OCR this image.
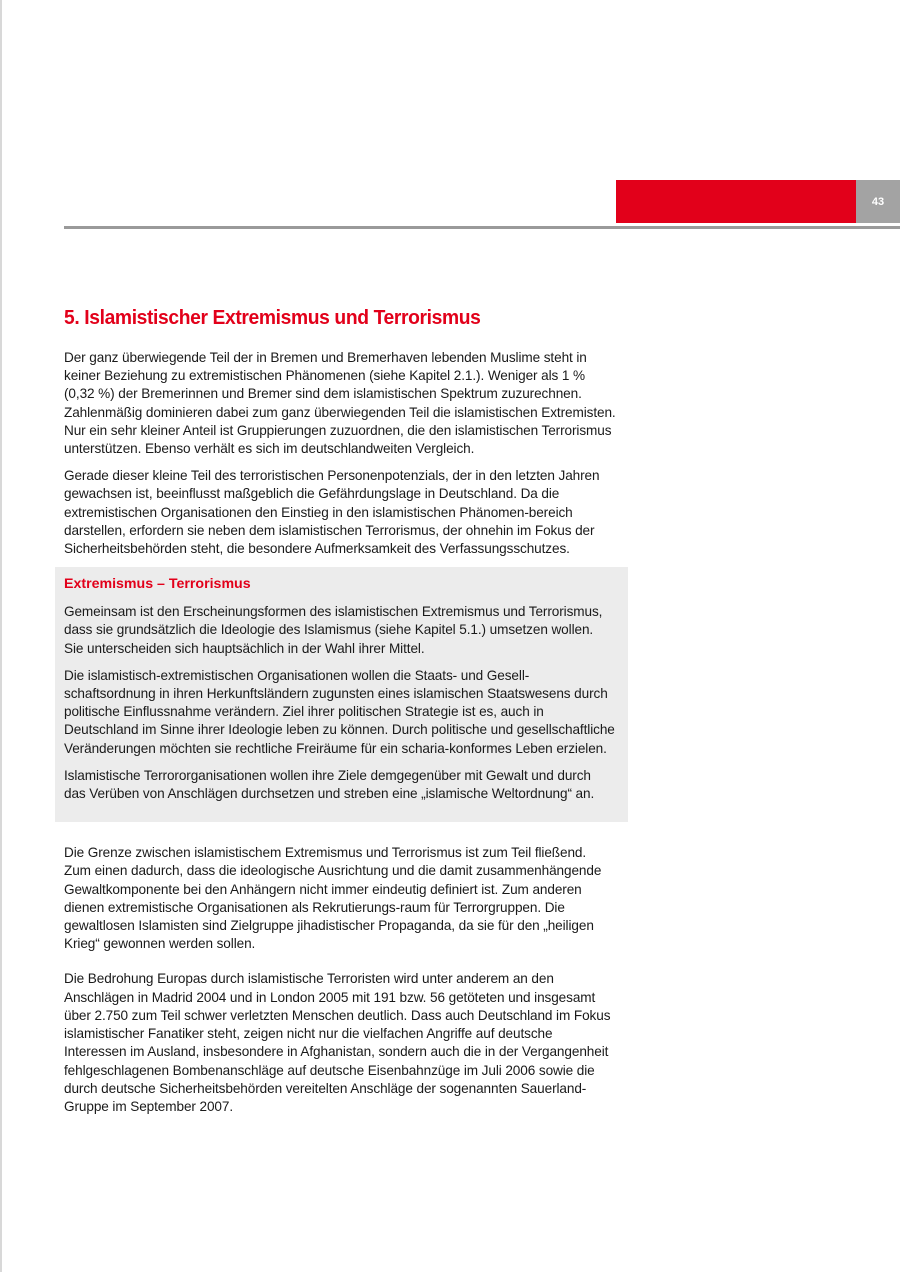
43
5. Islamistischer Extremismus und Terrorismus

Der ganz überwiegende Teil der in Bremen und Bremerhaven lebenden Muslime steht in keiner Beziehung zu extremistischen Phänomenen (siehe Kapitel 2.1.). Weniger als 1 % (0,32 %) der Bremerinnen und Bremer sind dem islamistischen Spektrum zuzurechnen. Zahlenmäßig dominieren dabei zum ganz überwiegenden Teil die islamistischen Extremisten. Nur ein sehr kleiner Anteil ist Gruppierungen zuzuordnen, die den islamistischen Terrorismus unterstützen. Ebenso verhält es sich im deutschlandweiten Vergleich.

Gerade dieser kleine Teil des terroristischen Personenpotenzials, der in den letzten Jahren gewachsen ist, beeinflusst maßgeblich die Gefährdungslage in Deutschland. Da die extremistischen Organisationen den Einstieg in den islamistischen Phänomen-bereich darstellen, erfordern sie neben dem islamistischen Terrorismus, der ohnehin im Fokus der Sicherheitsbehörden steht, die besondere Aufmerksamkeit des Verfassungsschutzes.

Extremismus – Terrorismus

Gemeinsam ist den Erscheinungsformen des islamistischen Extremismus und Terrorismus, dass sie grundsätzlich die Ideologie des Islamismus (siehe Kapitel 5.1.) umsetzen wollen. Sie unterscheiden sich hauptsächlich in der Wahl ihrer Mittel.

Die islamistisch-extremistischen Organisationen wollen die Staats- und Gesell-schaftsordnung in ihren Herkunftsländern zugunsten eines islamischen Staatswesens durch politische Einflussnahme verändern. Ziel ihrer politischen Strategie ist es, auch in Deutschland im Sinne ihrer Ideologie leben zu können. Durch politische und gesellschaftliche Veränderungen möchten sie rechtliche Freiräume für ein scharia-konformes Leben erzielen.

Islamistische Terrororganisationen wollen ihre Ziele demgegenüber mit Gewalt und durch das Verüben von Anschlägen durchsetzen und streben eine „islamische Weltordnung“ an.

Die Grenze zwischen islamistischem Extremismus und Terrorismus ist zum Teil fließend. Zum einen dadurch, dass die ideologische Ausrichtung und die damit zusammenhängende Gewaltkomponente bei den Anhängern nicht immer eindeutig definiert ist. Zum anderen dienen extremistische Organisationen als Rekrutierungs-raum für Terrorgruppen. Die gewaltlosen Islamisten sind Zielgruppe jihadistischer Propaganda, da sie für den „heiligen Krieg“ gewonnen werden sollen.

Die Bedrohung Europas durch islamistische Terroristen wird unter anderem an den Anschlägen in Madrid 2004 und in London 2005 mit 191 bzw. 56 getöteten und insgesamt über 2.750 zum Teil schwer verletzten Menschen deutlich. Dass auch Deutschland im Fokus islamistischer Fanatiker steht, zeigen nicht nur die vielfachen Angriffe auf deutsche Interessen im Ausland, insbesondere in Afghanistan, sondern auch die in der Vergangenheit fehlgeschlagenen Bombenanschläge auf deutsche Eisenbahnzüge im Juli 2006 sowie die durch deutsche Sicherheitsbehörden vereitelten Anschläge der sogenannten Sauerland-Gruppe im September 2007.
